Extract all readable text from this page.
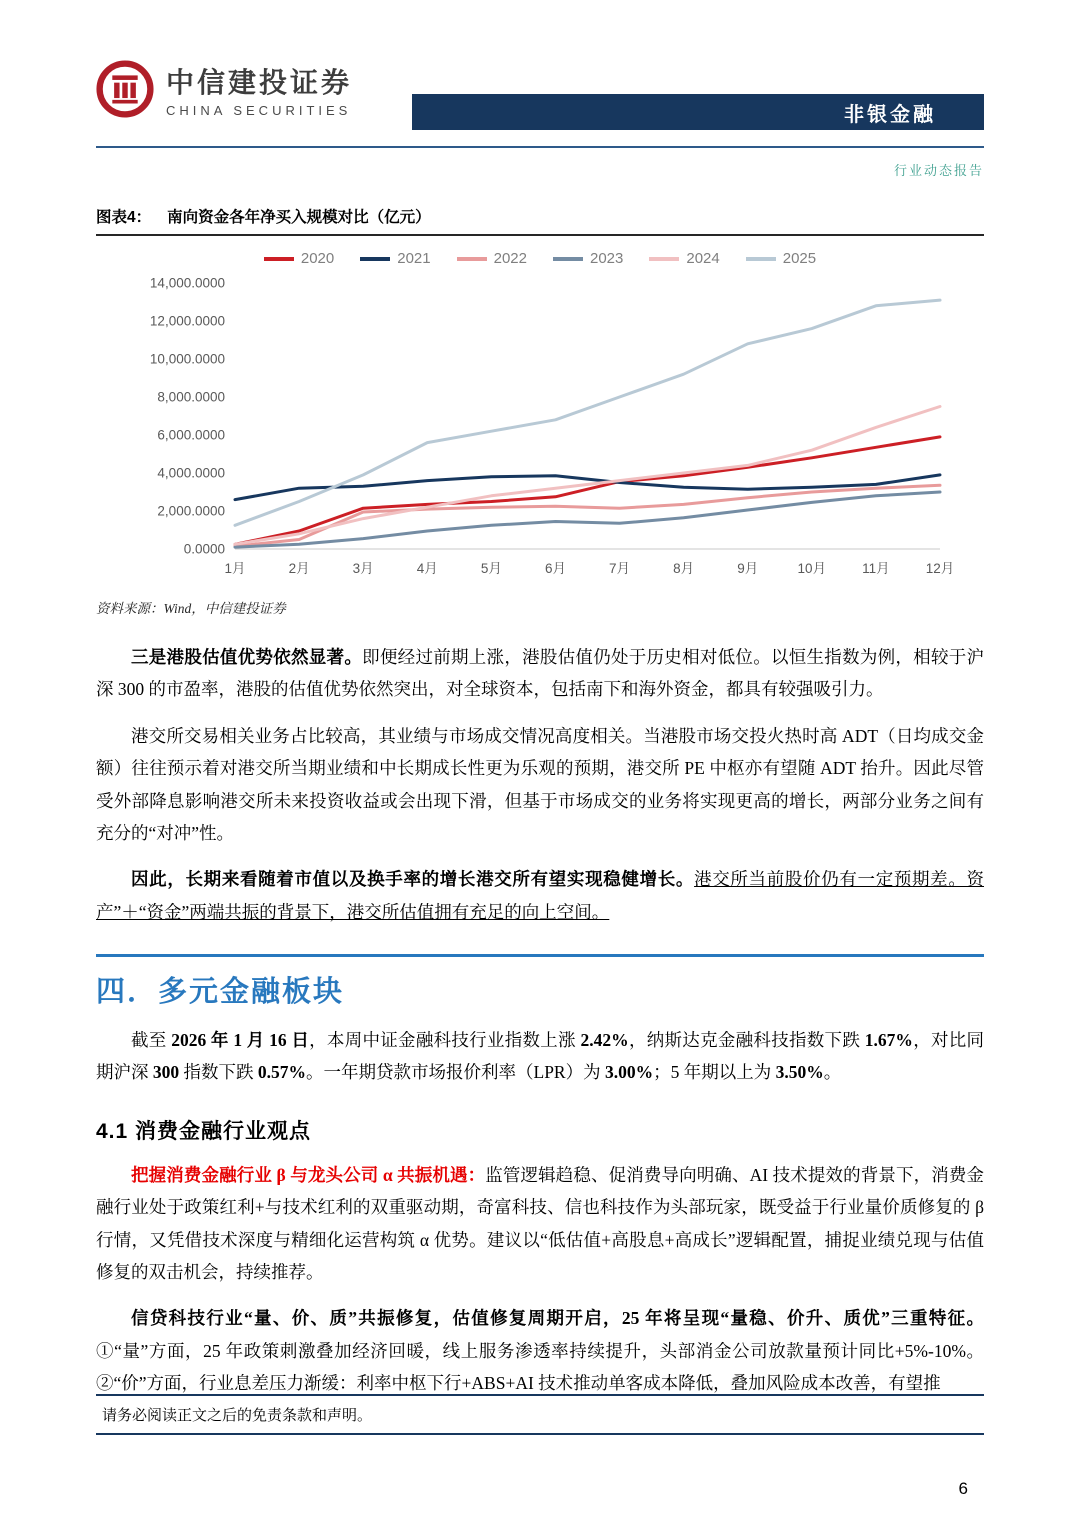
中信建投证券
CHINA SECURITIES	非银金融
行业动态报告
图表4： 南向资金各年净买入规模对比（亿元）
2020	2021	2022	2023	2024	2025
0.0000
2,000.0000
4,000.0000
6,000.0000
8,000.0000
10,000.0000
12,000.0000
14,000.0000
1月	2月	3月	4月	5月	6月	7月	8月	9月	10月	11月	12月
资料来源：Wind，中信建投证券

三是港股估值优势依然显著。即便经过前期上涨，港股估值仍处于历史相对低位。以恒生指数为例，相较于沪深 300 的市盈率，港股的估值优势依然突出，对全球资本，包括南下和海外资金，都具有较强吸引力。

港交所交易相关业务占比较高，其业绩与市场成交情况高度相关。当港股市场交投火热时高 ADT（日均成交金额）往往预示着对港交所当期业绩和中长期成长性更为乐观的预期，港交所 PE 中枢亦有望随 ADT 抬升。因此尽管受外部降息影响港交所未来投资收益或会出现下滑，但基于市场成交的业务将实现更高的增长，两部分业务之间有充分的“对冲”性。

因此，长期来看随着市值以及换手率的增长港交所有望实现稳健增长。港交所当前股价仍有一定预期差。资产”＋“资金”两端共振的背景下，港交所估值拥有充足的向上空间。

四．多元金融板块

截至 2026 年 1 月 16 日，本周中证金融科技行业指数上涨 2.42%，纳斯达克金融科技指数下跌 1.67%，对比同期沪深 300 指数下跌 0.57%。一年期贷款市场报价利率（LPR）为 3.00%；5 年期以上为 3.50%。

4.1 消费金融行业观点

把握消费金融行业 β 与龙头公司 α 共振机遇：监管逻辑趋稳、促消费导向明确、AI 技术提效的背景下，消费金融行业处于政策红利+与技术红利的双重驱动期，奇富科技、信也科技作为头部玩家，既受益于行业量价质修复的 β 行情，又凭借技术深度与精细化运营构筑 α 优势。建议以“低估值+高股息+高成长”逻辑配置，捕捉业绩兑现与估值修复的双击机会，持续推荐。

信贷科技行业“量、价、质”共振修复，估值修复周期开启，25 年将呈现“量稳、价升、质优”三重特征。①“量”方面，25 年政策刺激叠加经济回暖，线上服务渗透率持续提升，头部消金公司放款量预计同比+5%-10%。②“价”方面，行业息差压力渐缓：利率中枢下行+ABS+AI 技术推动单客成本降低，叠加风险成本改善，有望推

请务必阅读正文之后的免责条款和声明。
6
